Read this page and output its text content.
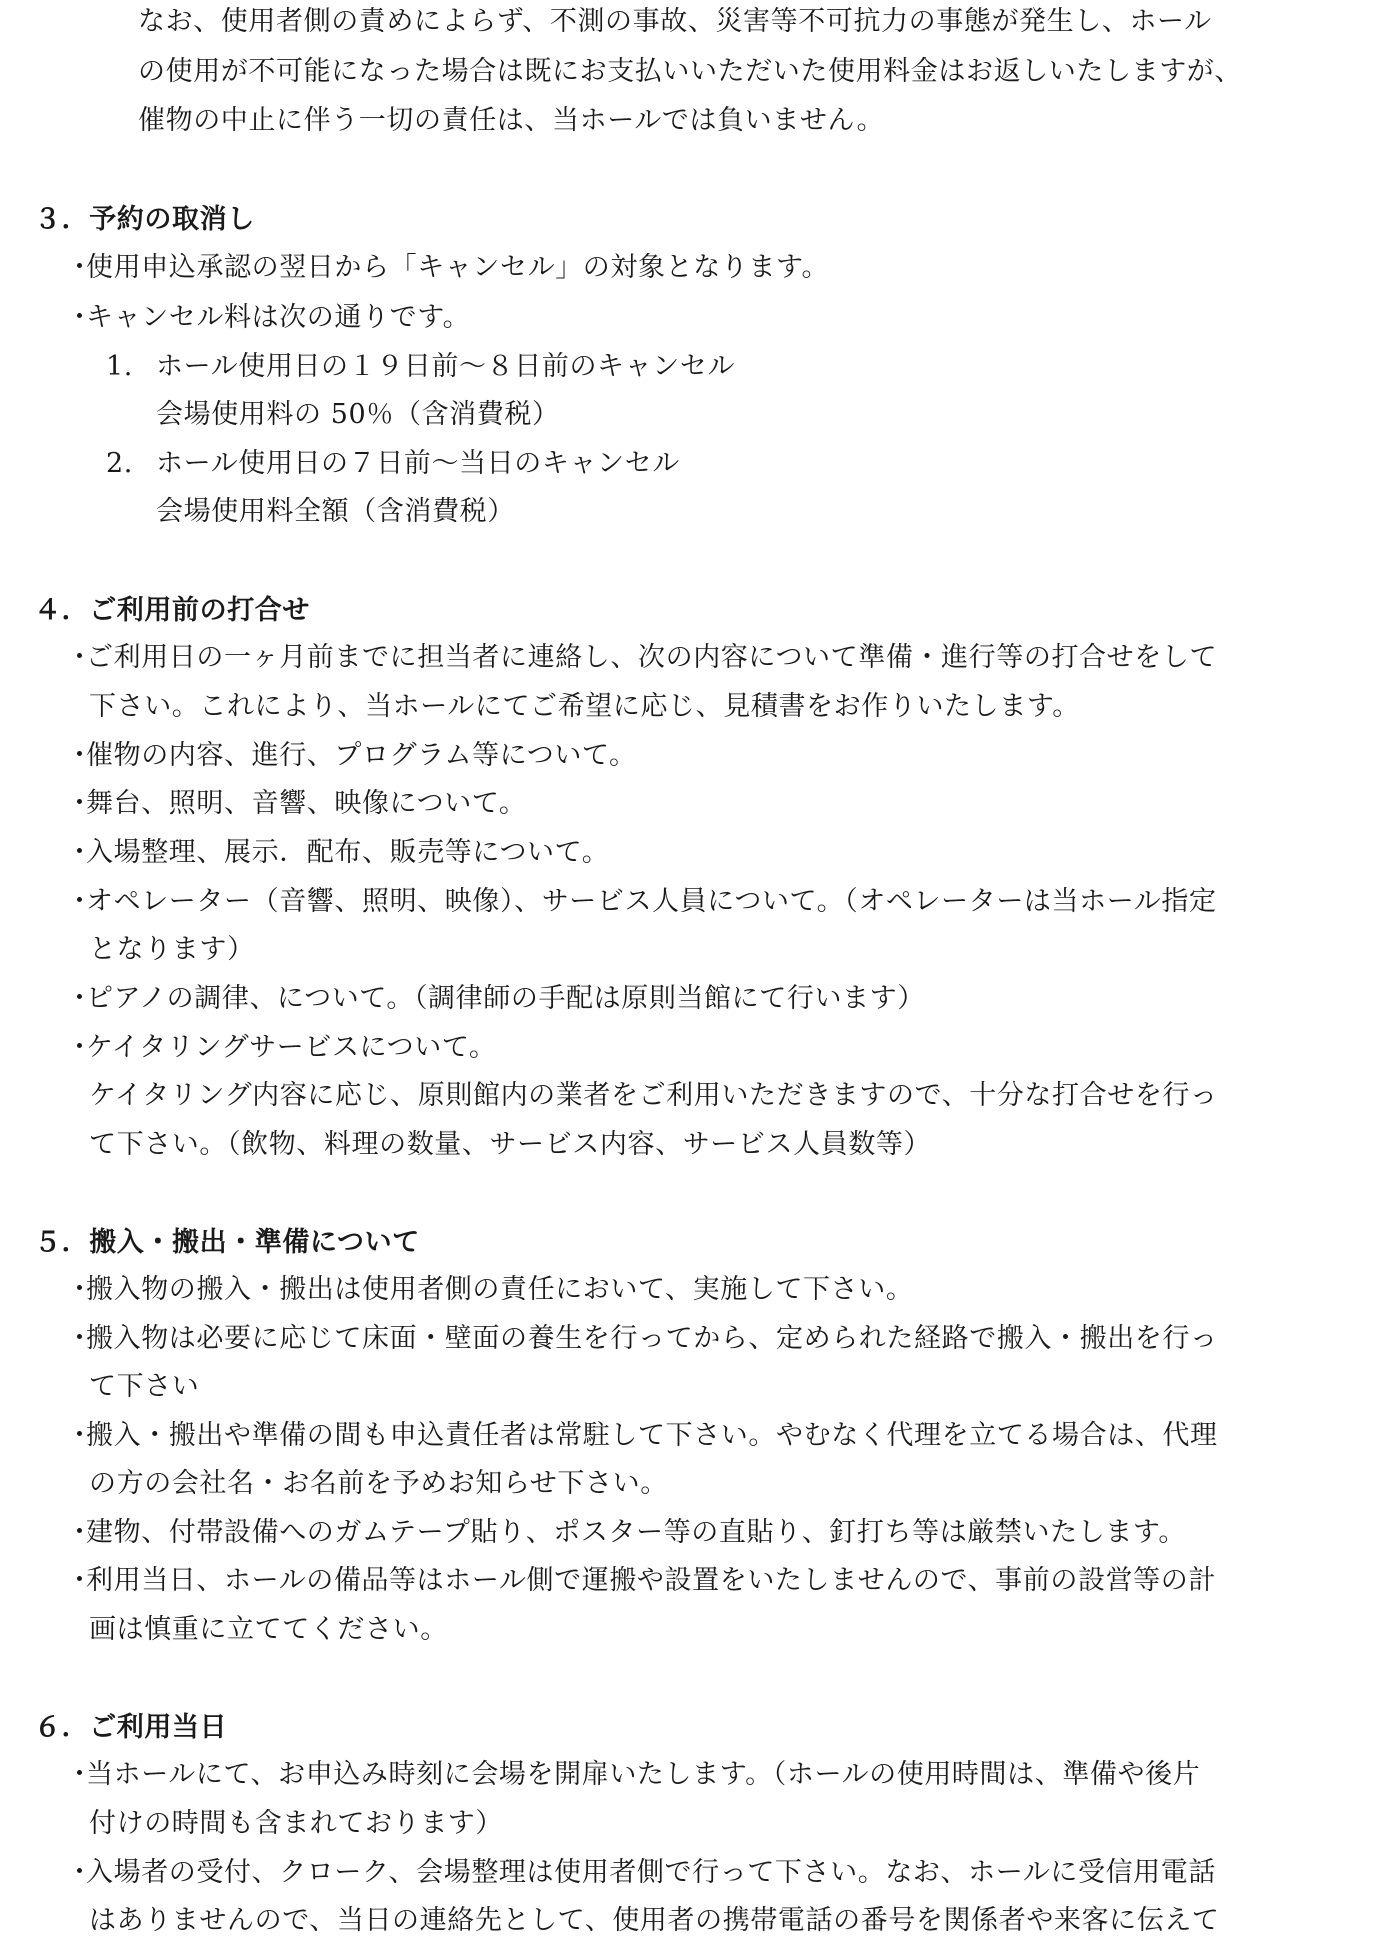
なお、使用者側の責めによらず、不測の事故、災害等不可抗力の事態が発生し、ホール
の使用が不可能になった場合は既にお支払いいただいた使用料金はお返しいたしますが、
催物の中止に伴う一切の責任は、当ホールでは負いません。
３．予約の取消し
・
使用申込承認の翌日から「キャンセル」の対象となります。
・
キャンセル料は次の通りです。
1. ホール使用日の１９日前～８日前のキャンセル
会場使用料の 50％（含消費税）
2. ホール使用日の７日前～当日のキャンセル
会場使用料全額（含消費税）
４．ご利用前の打合せ
・
ご利用日の一ヶ月前までに担当者に連絡し、次の内容について準備・進行等の打合せをして
下さい。これにより、当ホールにてご希望に応じ、見積書をお作りいたします。
・
催物の内容、進行、プログラム等について。
・
舞台、照明、音響、映像について。
・
入場整理、展示．配布、販売等について。
・
オペレーター（音響、照明、映像）、サービス人員について。（オペレーターは当ホール指定
となります）
・
ピアノの調律、について。（調律師の手配は原則当館にて行います）
・
ケイタリングサービスについて。
ケイタリング内容に応じ、原則館内の業者をご利用いただきますので、十分な打合せを行っ
て下さい。（飲物、料理の数量、サービス内容、サービス人員数等）
５．搬入・搬出・準備について
・
搬入物の搬入・搬出は使用者側の責任において、実施して下さい。
・
搬入物は必要に応じて床面・壁面の養生を行ってから、定められた経路で搬入・搬出を行っ
て下さい
・
搬入・搬出や準備の間も申込責任者は常駐して下さい。やむなく代理を立てる場合は、代理
の方の会社名・お名前を予めお知らせ下さい。
・
建物、付帯設備へのガムテープ貼り、ポスター等の直貼り、釘打ち等は厳禁いたします。
・
利用当日、ホールの備品等はホール側で運搬や設置をいたしませんので、事前の設営等の計
画は慎重に立ててください。
６．ご利用当日
・
当ホールにて、お申込み時刻に会場を開扉いたします。（ホールの使用時間は、準備や後片
付けの時間も含まれております）
・
入場者の受付、クローク、会場整理は使用者側で行って下さい。なお、ホールに受信用電話
はありませんので、当日の連絡先として、使用者の携帯電話の番号を関係者や来客に伝えて
